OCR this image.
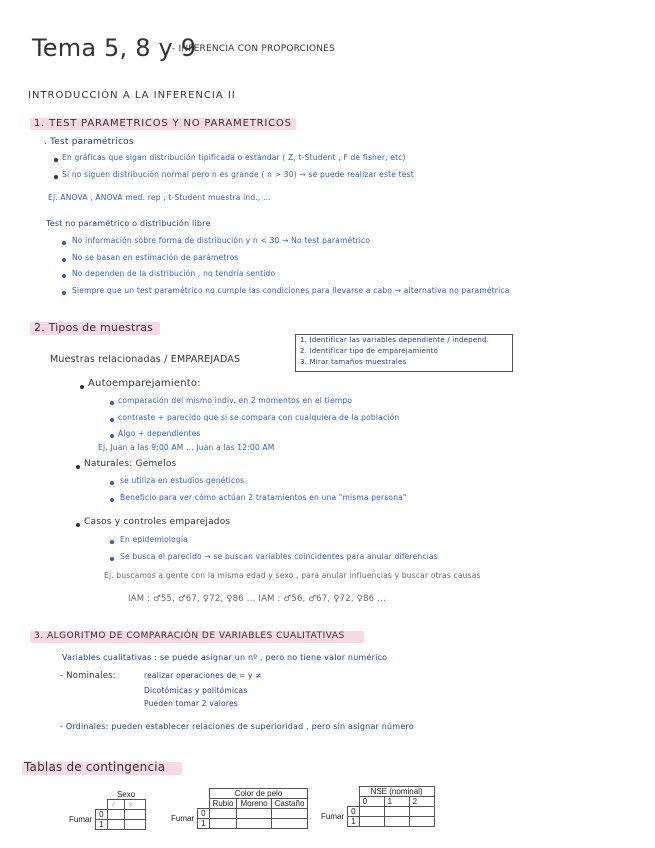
Tema 5, 8 y 9
- INFERENCIA CON PROPORCIONES
INTRODUCCIÓN A LA INFERENCIA II
1. TEST PARAMETRICOS Y NO PARAMETRICOS
. Test paramétricos
En gráficas que sigan distribución tipificada o estándar ( Z, t-Student , F de fisher, etc)
Si no siguen distribución normal pero n es grande ( n > 30) → se puede realizar este test
Ej. ANOVA , ANOVA med. rep , t-Student muestra ind., ...
Test no paramétrico o distribución libre
No información sobre forma de distribución y n < 30 → No test paramétrico
No se basan en estimación de parámetros
No dependen de la distribución , no tendría sentido
Siempre que un test paramétrico no cumple las condiciones para llevarse a cabo → alternativa no paramétrica
2. Tipos de muestras
1. Identificar las variables dependiente / independ.
2. Identificar tipo de emparejamiento
3. Mirar tamaños muestrales
Muestras relacionadas / EMPAREJADAS
Autoemparejamiento:
comparación del mismo indiv. en 2 momentos en el tiempo
contraste + parecido que si se compara con cualquiera de la población
Algo + dependientes
Ej. Juan a las 9:00 AM ... Juan a las 12:00 AM
Naturales: Gemelos
se utiliza en estudios genéticos
Beneficio para ver cómo actúan 2 tratamientos en una "misma persona"
Casos y controles emparejados
En epidemiología
Se busca el parecido → se buscan variables coincidentes para anular diferencias
Ej. buscamos a gente con la misma edad y sexo , para anular influencias y buscar otras causas
IAM : ♂55, ♂67, ♀72, ♀86 ... IAM : ♂56, ♂67, ♀72, ♀86 ...
3. ALGORITMO DE COMPARACIÓN DE VARIABLES CUALITATIVAS
Variables cualitativas : se puede asignar un nº , pero no tiene valor numérico
- Nominales:	realizar operaciones de = y ≠
Dicotómicas y politómicas
Pueden tomar 2 valores
- Ordinales: pueden establecer relaciones de superioridad , pero sin asignar número
Tablas de contingencia
		Sexo	
		♂	♀
Fumar	0		
	1		
		Color de pelo		
		Rubio	Moreno	Castaño
Fumar	0			
	1			
		NSE (nominal)		
		0	1	2
Fumar	0			
	1			
